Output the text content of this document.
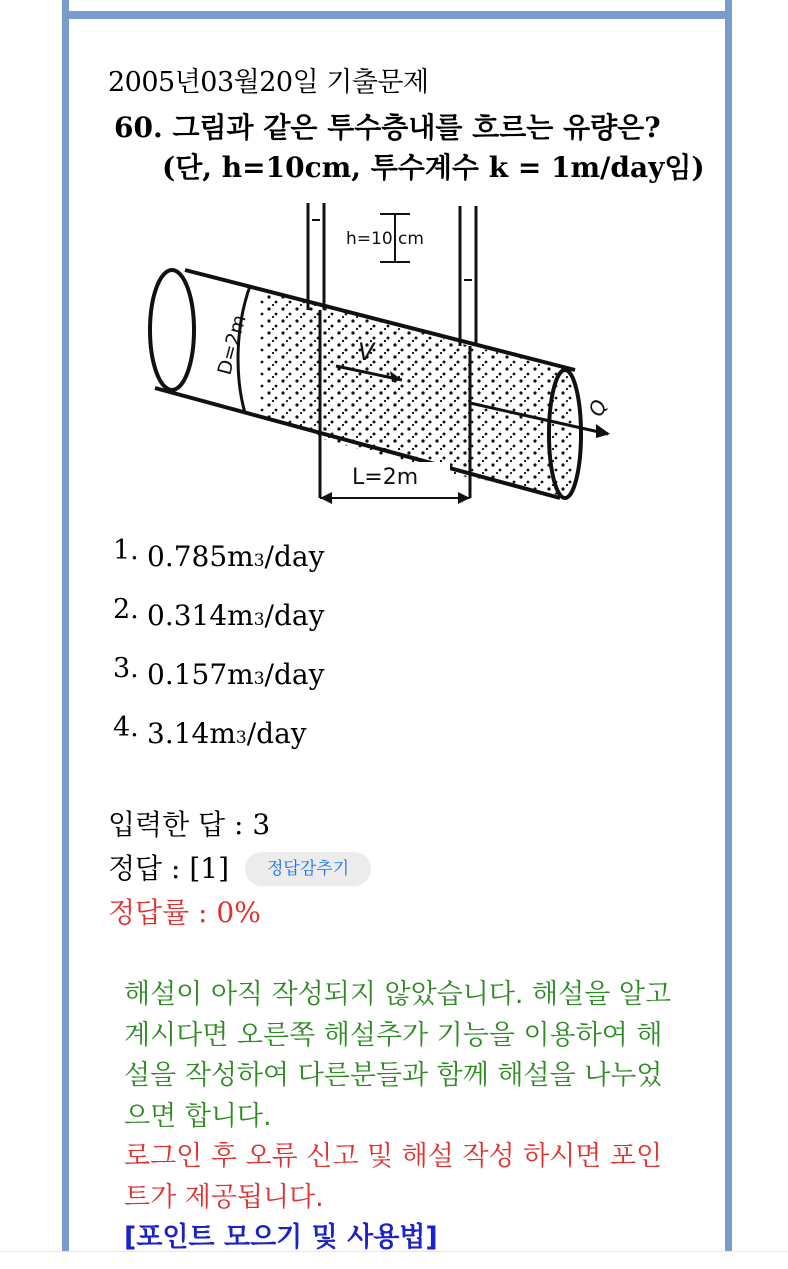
2005년03월20일 기출문제
60. 그림과 같은 투수층내를 흐르는 유량은?
(단, h=10cm, 투수계수 k = 1m/day임)
h=10 cm
D=2m	V
Q
L=2m
1. 0.785m 3 /day
2. 0.314m 3 /day
3. 0.157m 3 /day
4. 3.14m 3 /day
입력한 답 : 3
정답 : [1]	정답감추기
정답률 : 0%
해설이 아직 작성되지 않았습니다. 해설을 알고 계시다면 오른쪽 해설추가 기능을 이용하여 해설을 작성하여 다른분들과 함께 해설을 나누었으면 합니다.
로그인 후 오류 신고 및 해설 작성 하시면 포인트가 제공됩니다.
[포인트 모으기 및 사용법]
